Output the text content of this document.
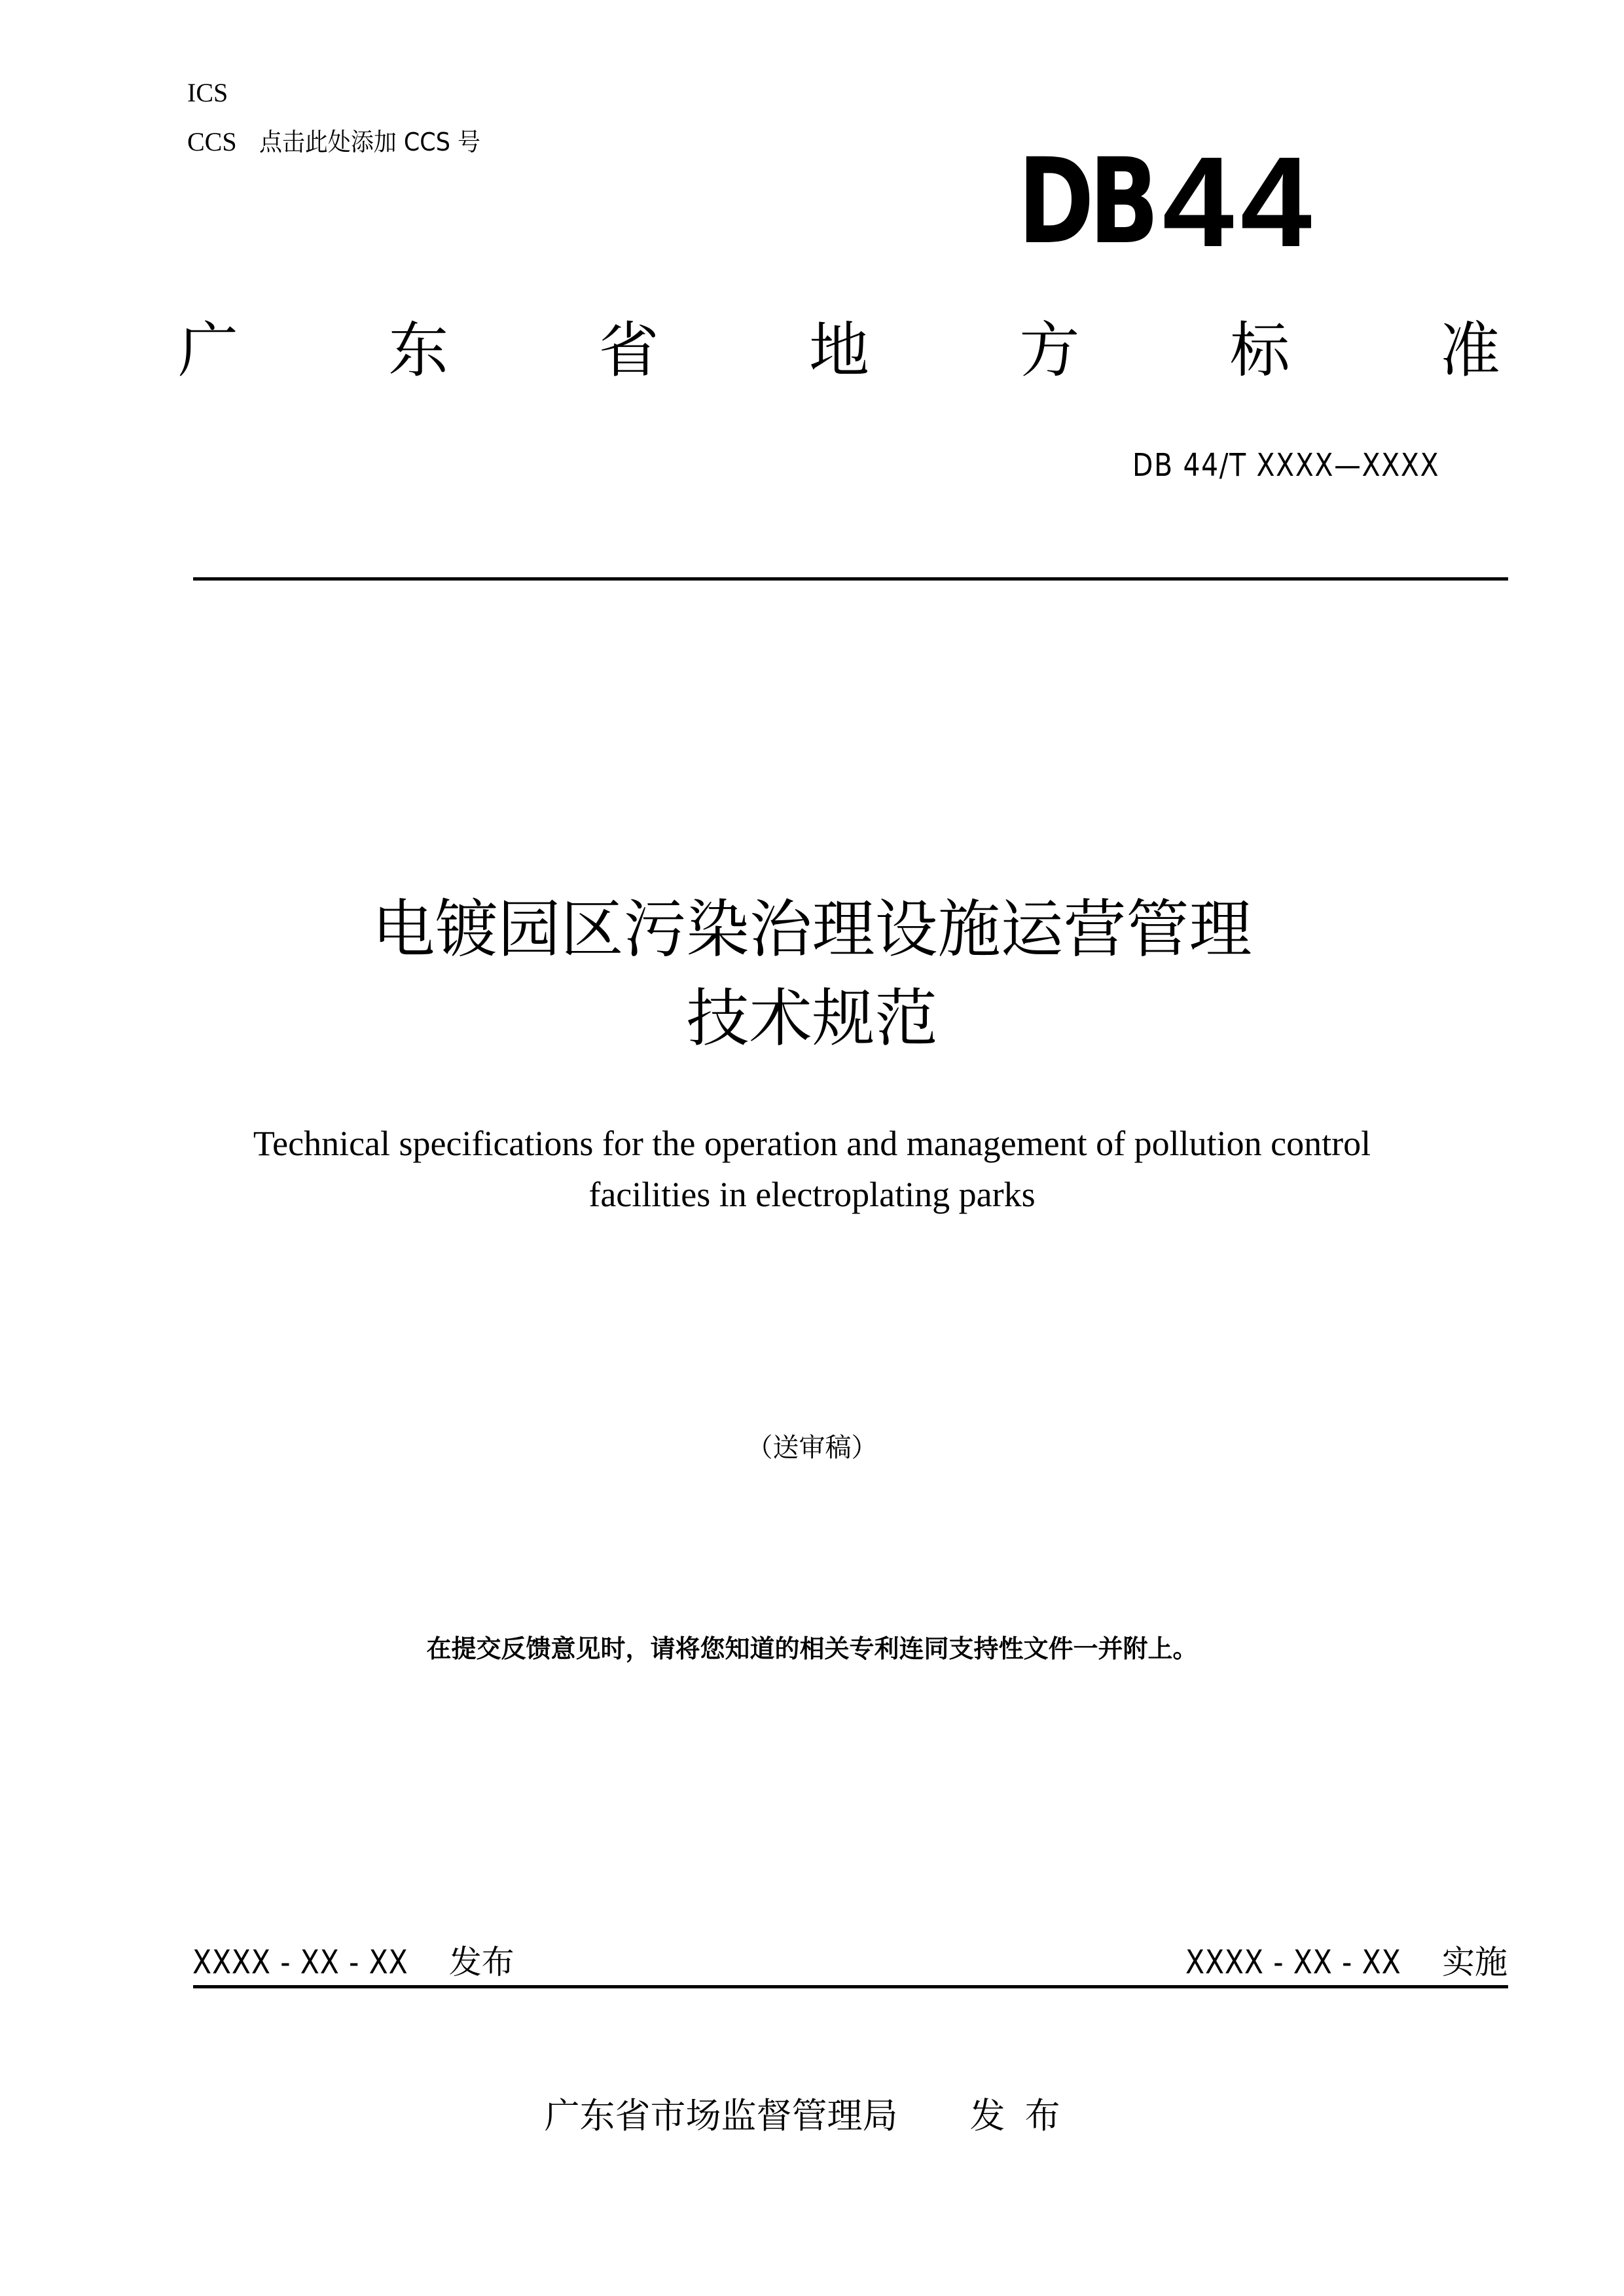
ICS
CCS 点击此处添加 CCS 号	DB 44
广 东 省 地 方 标 准
DB 44/T XXXX—XXXX
电镀园区污染治理设施运营管理
技术规范
Technical specifications for the operation and management of pollution control
facilities in electroplating parks
（送审稿）
在提交反馈意见时，请将您知道的相关专利连同支持性文件一并附上。
XXXX - XX - XX 发布	XXXX - XX - XX 实施
广东省市场监督管理局 发布
